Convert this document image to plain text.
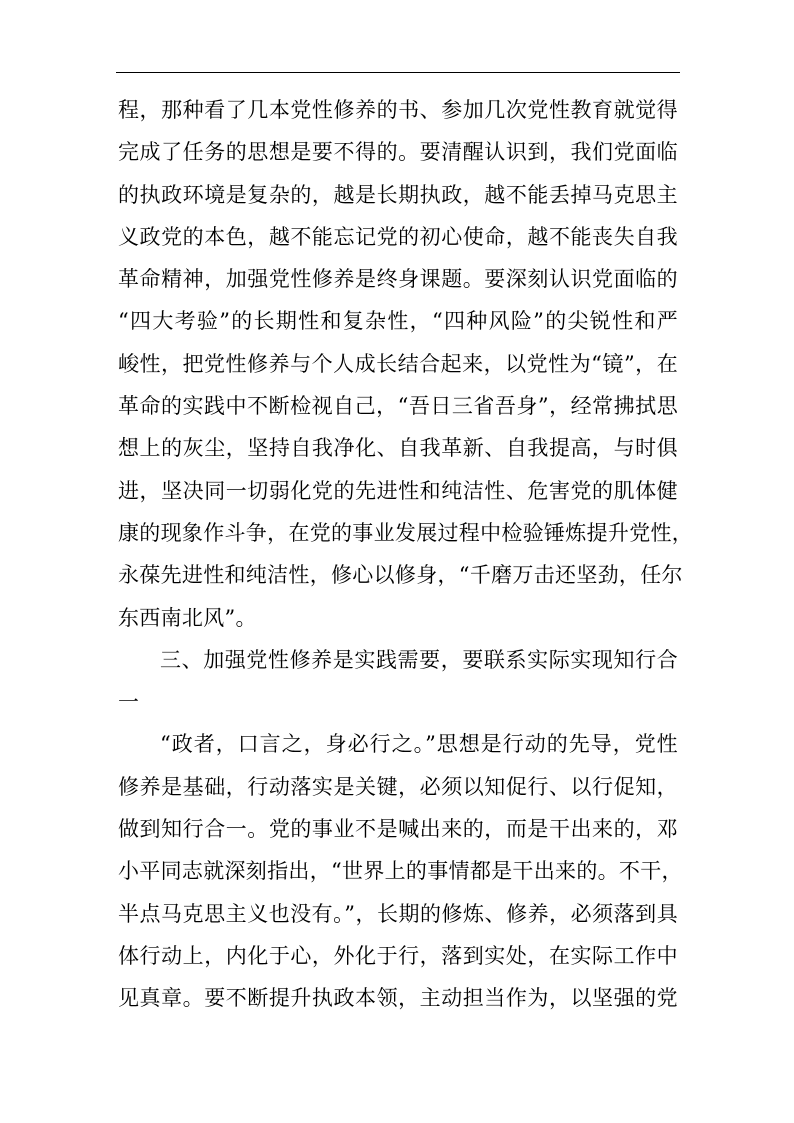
程，那种看了几本党性修养的书、参加几次党性教育就觉得
完成了任务的思想是要不得的。要清醒认识到，我们党面临
的执政环境是复杂的，越是长期执政，越不能丢掉马克思主
义政党的本色，越不能忘记党的初心使命，越不能丧失自我
革命精神，加强党性修养是终身课题。要深刻认识党面临的
“四大考验”的长期性和复杂性，“四种风险”的尖锐性和严
峻性，把党性修养与个人成长结合起来，以党性为“镜”，在
革命的实践中不断检视自己，“吾日三省吾身”，经常拂拭思
想上的灰尘，坚持自我净化、自我革新、自我提高，与时俱
进，坚决同一切弱化党的先进性和纯洁性、危害党的肌体健
康的现象作斗争，在党的事业发展过程中检验锤炼提升党性，
永葆先进性和纯洁性，修心以修身，“千磨万击还坚劲，任尔
东西南北风”。
三、加强党性修养是实践需要，要联系实际实现知行合
一
“政者，口言之，身必行之。”思想是行动的先导，党性
修养是基础，行动落实是关键，必须以知促行、以行促知，
做到知行合一。党的事业不是喊出来的，而是干出来的，邓
小平同志就深刻指出，“世界上的事情都是干出来的。不干，
半点马克思主义也没有。”，长期的修炼、修养，必须落到具
体行动上，内化于心，外化于行，落到实处，在实际工作中
见真章。要不断提升执政本领，主动担当作为，以坚强的党
